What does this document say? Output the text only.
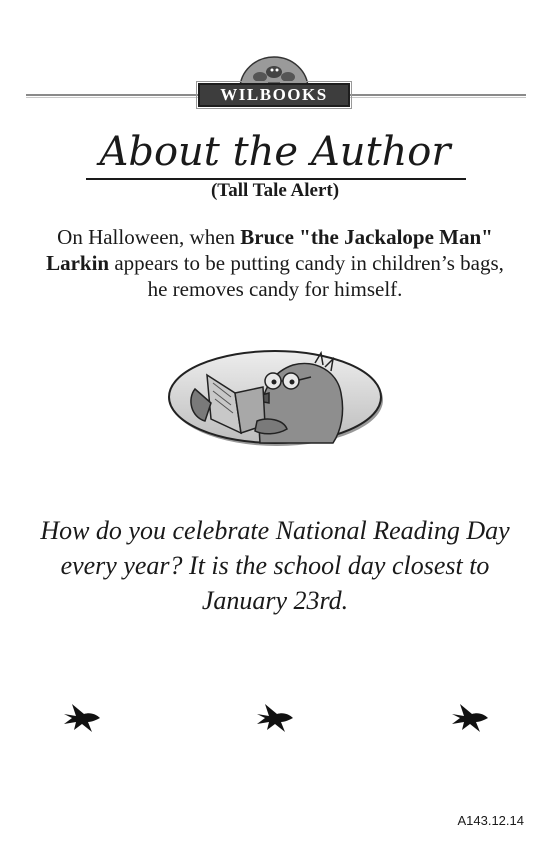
WILBOOKS
About the Author
(Tall Tale Alert)
On Halloween, when Bruce "the Jackalope Man" Larkin appears to be putting candy in children’s bags, he removes candy for himself.
How do you celebrate National Reading Day every year? It is the school day closest to January 23rd.
A143.12.14
